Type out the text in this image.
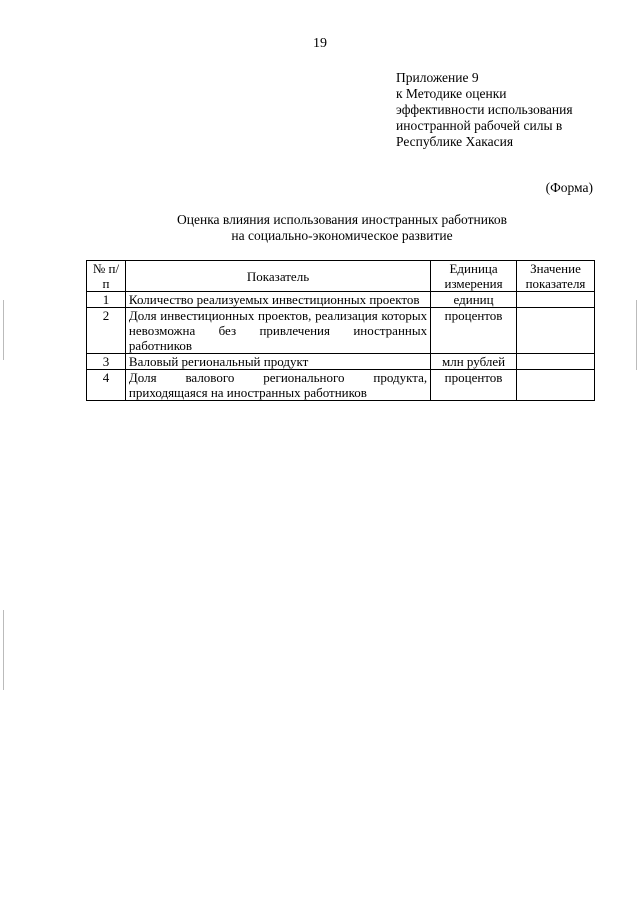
19
Приложение 9
к Методике оценки
эффективности использования
иностранной рабочей силы в
Республике Хакасия
(Форма)
Оценка влияния использования иностранных работников
на социально-экономическое развитие
№ п/п	Показатель	Единица измерения	Значение показателя
1	Количество реализуемых инвестиционных проектов	единиц	
2	Доля инвестиционных проектов, реализация которых невозможна без привлечения иностранных работников	процентов	
3	Валовый региональный продукт	млн рублей	
4	Доля валового регионального продукта, приходящаяся на иностранных работников	процентов	
